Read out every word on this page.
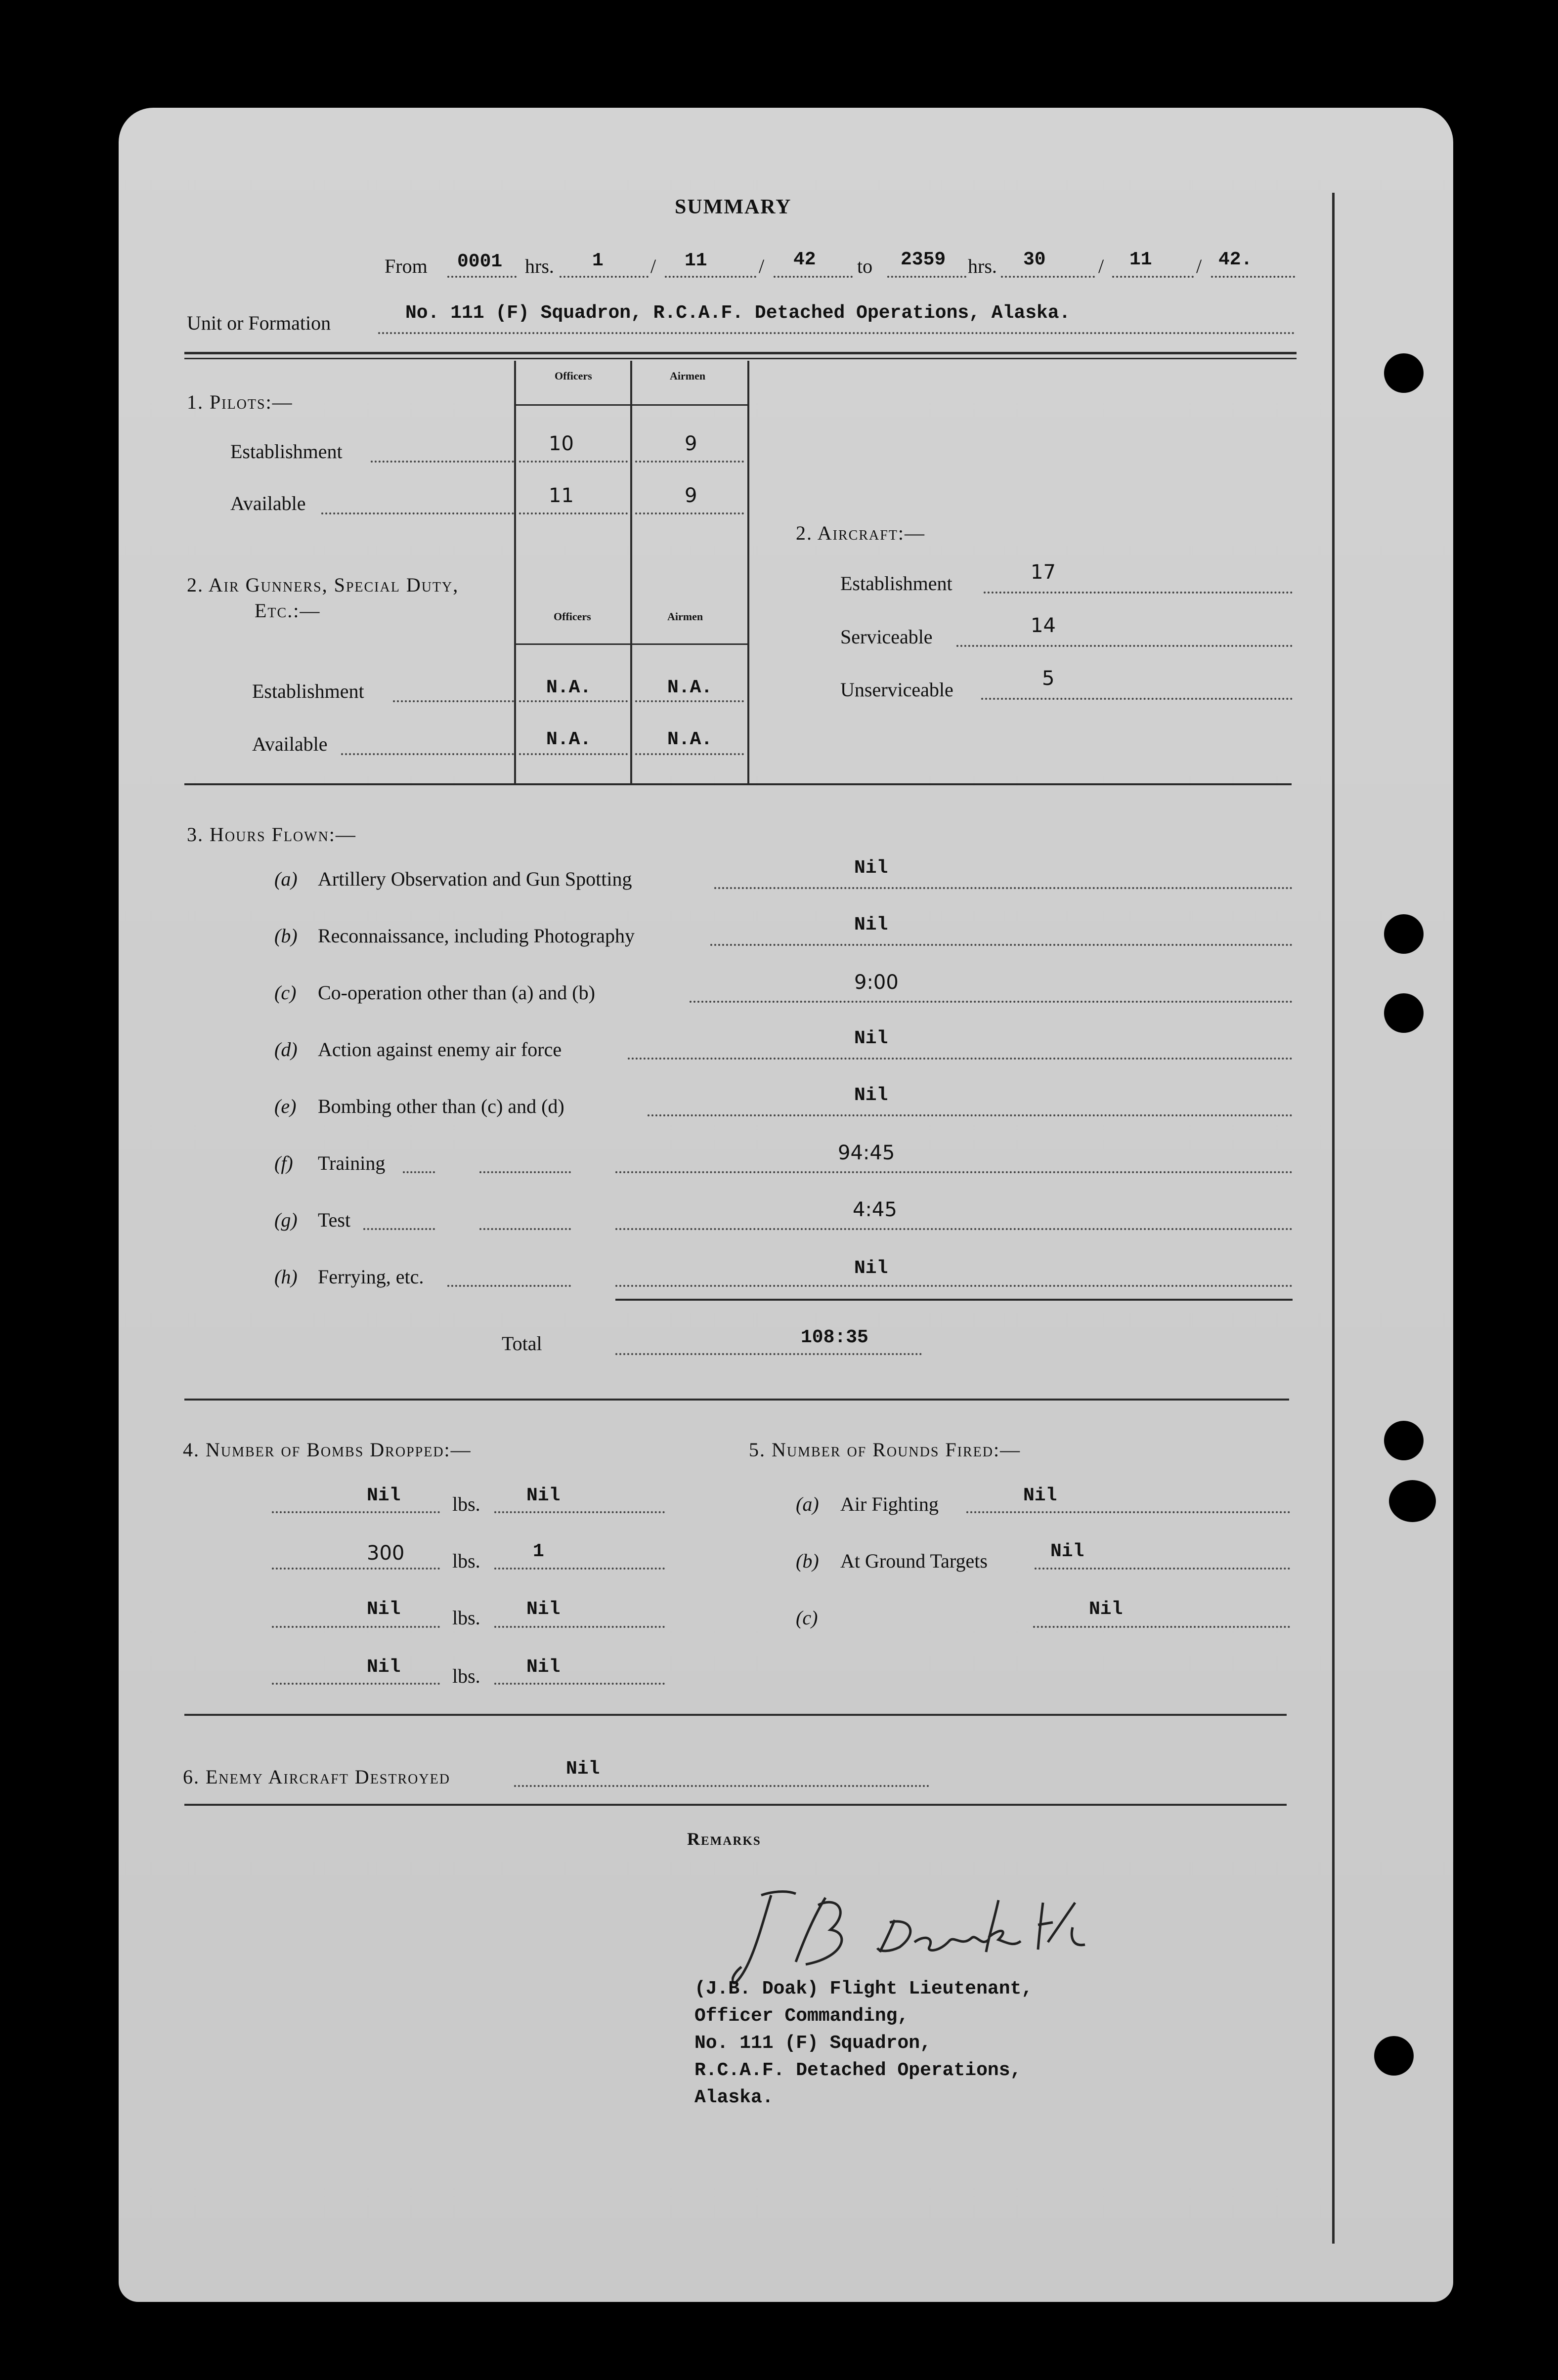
SUMMARY
From 0001 hrs. 1 / 11	/ 42 to 2359 hrs. 30	/ 11 / 42.
Unit or Formation	No. 111 (F) Squadron, R.C.A.F. Detached Operations, Alaska.
1. Pilots:—
Officers	Airmen
Establishment	10	9
Available	11	9
2. Air Gunners, Special Duty,
Etc.:—	Officers	Airmen
Establishment	N.A.	N.A.
Available	N.A.	N.A.
2. Aircraft:—
Establishment	17
Serviceable	14
Unserviceable	5
3. Hours Flown:—
(a) Artillery Observation and Gun Spotting	Nil
(b) Reconnaissance, including Photography	Nil
(c) Co-operation other than (a) and (b)	9:00
(d) Action against enemy air force	Nil
(e) Bombing other than (c) and (d)	Nil
(f) Training	94:45
(g) Test	4:45
(h) Ferrying, etc.	Nil
Total	108:35
4. Number of Bombs Dropped:—
Nil	lbs. Nil
300 lbs.	1
Nil	lbs. Nil
Nil	lbs. Nil
5. Number of Rounds Fired:—
(a) Air Fighting	Nil
(b) At Ground Targets	Nil
(c)	Nil
6. Enemy Aircraft Destroyed	Nil
Remarks
(J.B. Doak) Flight Lieutenant,
Officer Commanding,
No. 111 (F) Squadron,
R.C.A.F. Detached Operations,
Alaska.
